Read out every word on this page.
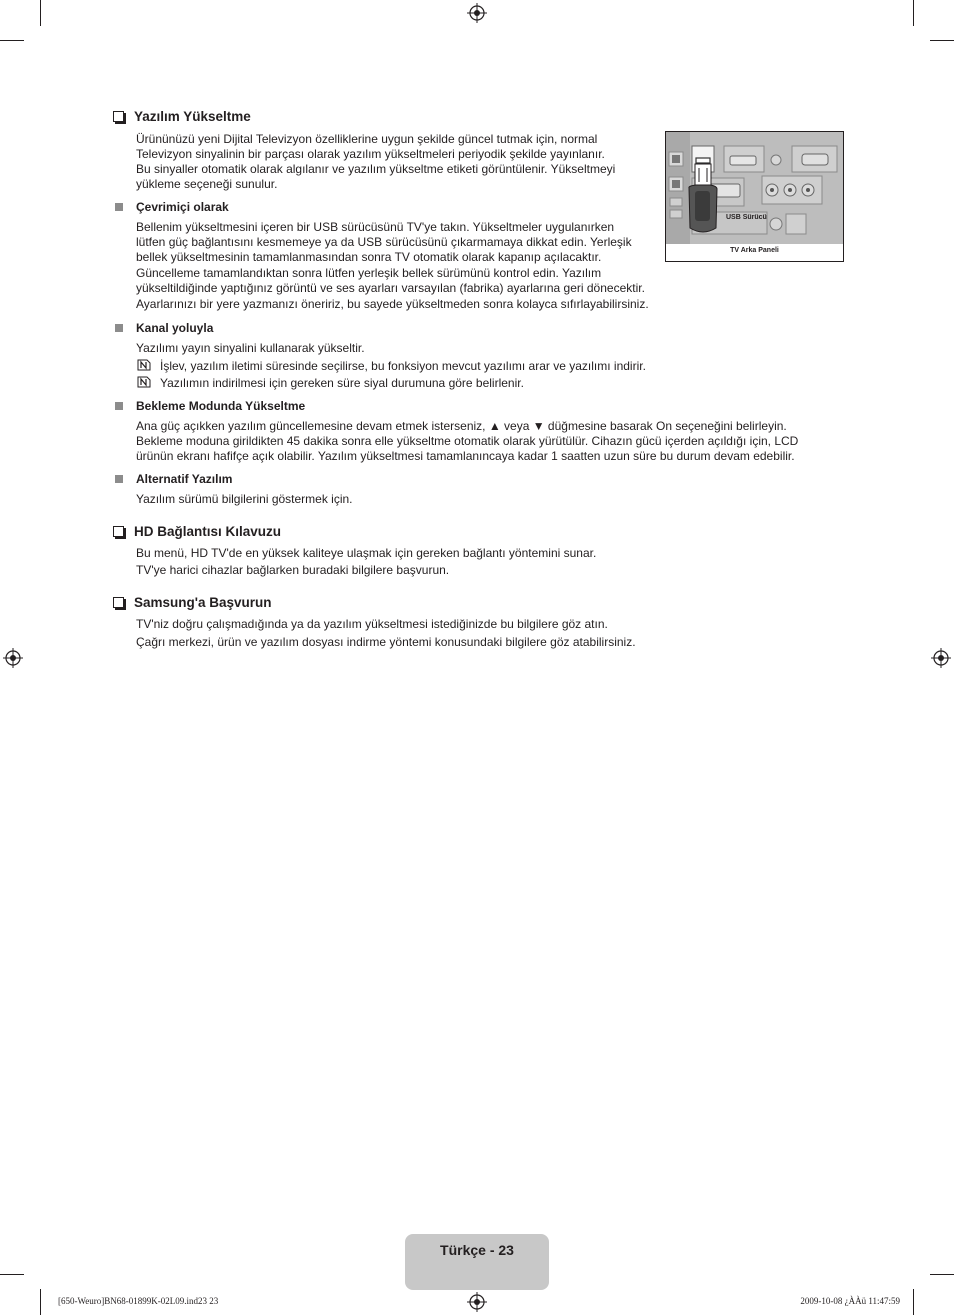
Yazılım Yükseltme
Ürününüzü yeni Dijital Televizyon özelliklerine uygun şekilde güncel tutmak için, normal
Televizyon sinyalinin bir parçası olarak yazılım yükseltmeleri periyodik şekilde yayınlanır.
Bu sinyaller otomatik olarak algılanır ve yazılım yükseltme etiketi görüntülenir. Yükseltmeyi
yükleme seçeneği sunulur.
Çevrimiçi olarak
Bellenim yükseltmesini içeren bir USB sürücüsünü TV'ye takın. Yükseltmeler uygulanırken
lütfen güç bağlantısını kesmemeye ya da USB sürücüsünü çıkarmamaya dikkat edin. Yerleşik
bellek yükseltmesinin tamamlanmasından sonra TV otomatik olarak kapanıp açılacaktır.
Güncelleme tamamlandıktan sonra lütfen yerleşik bellek sürümünü kontrol edin. Yazılım
yükseltildiğinde yaptığınız görüntü ve ses ayarları varsayılan (fabrika) ayarlarına geri dönecektir.
Ayarlarınızı bir yere yazmanızı öneririz, bu sayede yükseltmeden sonra kolayca sıfırlayabilirsiniz.
USB Sürücü
TV Arka Paneli
Kanal yoluyla
Yazılımı yayın sinyalini kullanarak yükseltir.
İşlev, yazılım iletimi süresinde seçilirse, bu fonksiyon mevcut yazılımı arar ve yazılımı indirir.
Yazılımın indirilmesi için gereken süre siyal durumuna göre belirlenir.
Bekleme Modunda Yükseltme
Ana güç açıkken yazılım güncellemesine devam etmek isterseniz, ▲ veya ▼ düğmesine basarak On seçeneğini belirleyin.
Bekleme moduna girildikten 45 dakika sonra elle yükseltme otomatik olarak yürütülür. Cihazın gücü içerden açıldığı için, LCD
ürünün ekranı hafifçe açık olabilir. Yazılım yükseltmesi tamamlanıncaya kadar 1 saatten uzun süre bu durum devam edebilir.
Alternatif Yazılım
Yazılım sürümü bilgilerini göstermek için.
HD Bağlantısı Kılavuzu
Bu menü, HD TV'de en yüksek kaliteye ulaşmak için gereken bağlantı yöntemini sunar.
TV'ye harici cihazlar bağlarken buradaki bilgilere başvurun.
Samsung'a Başvurun
TV'niz doğru çalışmadığında ya da yazılım yükseltmesi istediğinizde bu bilgilere göz atın.
Çağrı merkezi, ürün ve yazılım dosyası indirme yöntemi konusundaki bilgilere göz atabilirsiniz.
Türkçe - 23
[650-Weuro]BN68-01899K-02L09.ind23 23	2009-10-08 ¿ÀÀü 11:47:59
